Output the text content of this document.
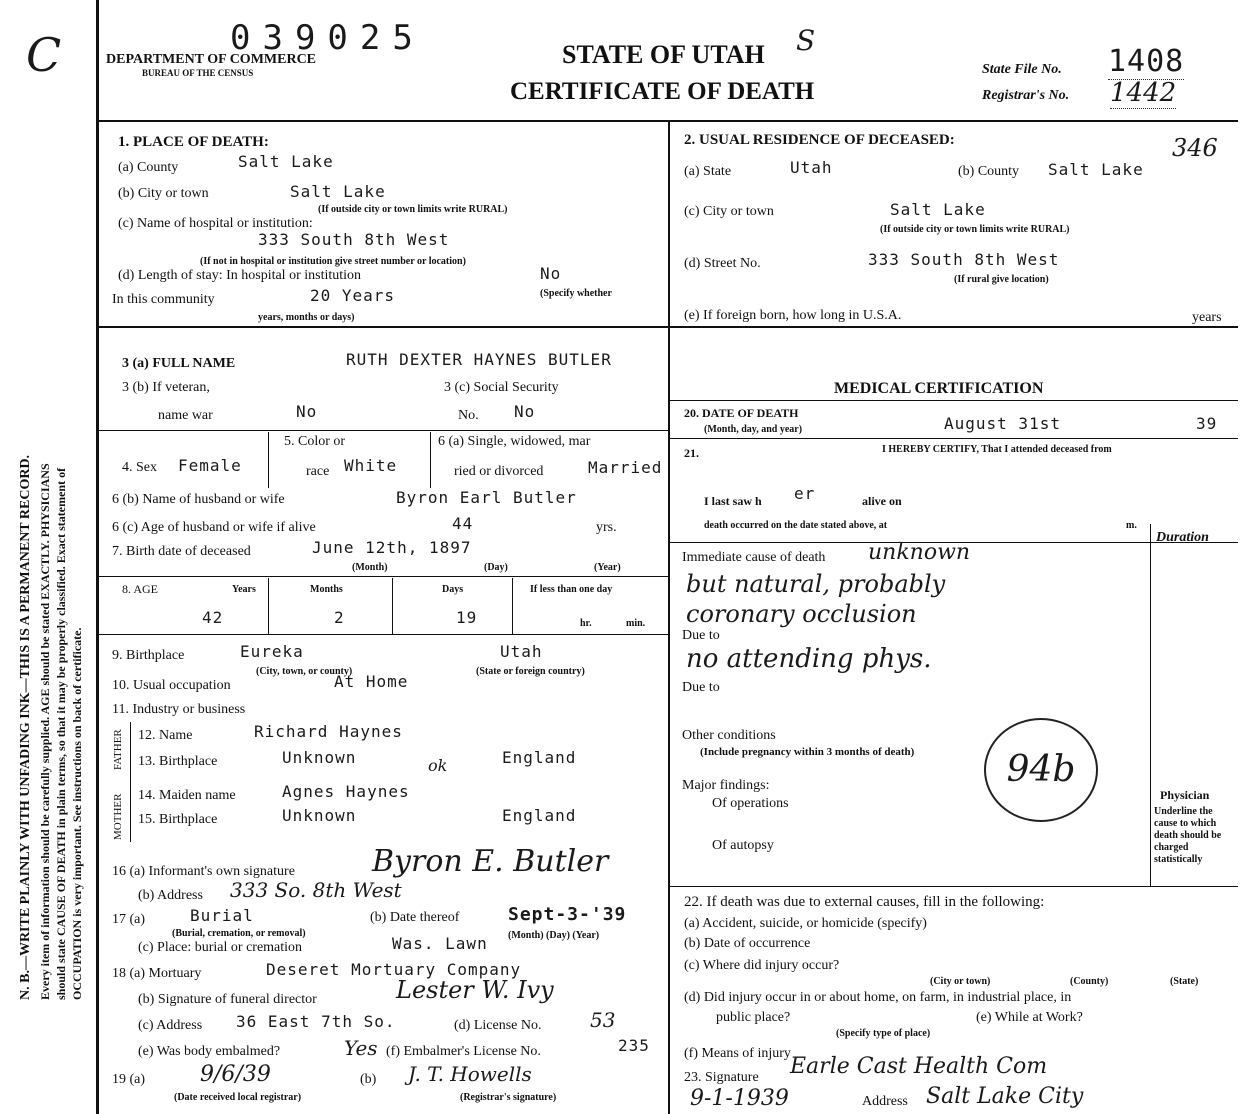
N. B.—WRITE PLAINLY WITH UNFADING INK—THIS IS A PERMANENT RECORD. Every item of information should be carefully supplied. AGE should be stated EXACTLY. PHYSICIANS should state CAUSE OF DEATH in plain terms, so that it may be properly classified. Exact statement of OCCUPATION is very important. See instructions on back of certificate.
C	039025
DEPARTMENT OF COMMERCE
BUREAU OF THE CENSUS
STATE OF UTAH S
CERTIFICATE OF DEATH
State File No. 1408
Registrar's No. 1442
1. PLACE OF DEATH:
(a) County	Salt Lake
(b) City or town	Salt Lake
(If outside city or town limits write RURAL)
(c) Name of hospital or institution:
333 South 8th West
(If not in hospital or institution give street number or location)
(d) Length of stay: In hospital or institution	No
In this community	20 Years	(Specify whether
years, months or days)
2. USUAL RESIDENCE OF DECEASED:	346
(a) State	Utah	(b) County Salt Lake
(c) City or town	Salt Lake
(If outside city or town limits write RURAL)
(d) Street No.	333 South 8th West
(If rural give location)
(e) If foreign born, how long in U.S.A.	years
3 (a) FULL NAME	RUTH DEXTER HAYNES BUTLER
3 (b) If veteran,
name war	No
3 (c) Social Security
No. No
4. Sex Female
5. Color or
race White
6 (a) Single, widowed, mar
ried or divorced	Married
6 (b) Name of husband or wife	Byron Earl Butler
6 (c) Age of husband or wife if alive	44	yrs.
7. Birth date of deceased	June 12th, 1897
(Month)	(Day)	(Year)
8. AGE	Years	Months	Days	If less than one day
42	2	19	hr.	min.
9. Birthplace	Eureka	Utah
(City, town, or county)	(State or foreign country)
10. Usual occupation	At Home
11. Industry or business
FATHER
MOTHER
12. Name	Richard Haynes
13. Birthplace	Unknown	England
ok
14. Maiden name	Agnes Haynes
15. Birthplace	Unknown	England
16 (a) Informant's own signature	Byron E. Butler
(b) Address 333 So. 8th West
17 (a)	Burial
(Burial, cremation, or removal)
(b) Date thereof	Sept-3-'39
(Month) (Day) (Year)
(c) Place: burial or cremation	Was. Lawn
18 (a) Mortuary	Deseret Mortuary Company
(b) Signature of funeral director	Lester W. Ivy
(c) Address 36 East 7th So.	(d) License No. 53
(e) Was body embalmed?	Yes (f) Embalmer's License No.	235
19 (a) 9/6/39
(Date received local registrar)
(b) J. T. Howells
(Registrar's signature)
MEDICAL CERTIFICATION
20. DATE OF DEATH
(Month, day, and year)	August 31st	39
21.	I HEREBY CERTIFY, That I attended deceased from
I last saw h er	alive on
death occurred on the date stated above, at	m.
Immediate cause of death unknown
but natural, probably
coronary occlusion
Due to
no attending phys.
Due to
Other conditions
(Include pregnancy within 3 months of death)	94b
Major findings:
Of operations
Of autopsy
Duration
Physician
Underline the cause to which death should be charged statistically
22. If death was due to external causes, fill in the following:
(a) Accident, suicide, or homicide (specify)
(b) Date of occurrence
(c) Where did injury occur?
(City or town)	(County)	(State)
(d) Did injury occur in or about home, on farm, in industrial place, in
public place?
(Specify type of place)
(e) While at Work?
(f) Means of injury
23. Signature Earle Cast Health Com
9-1-1939	Address Salt Lake City
